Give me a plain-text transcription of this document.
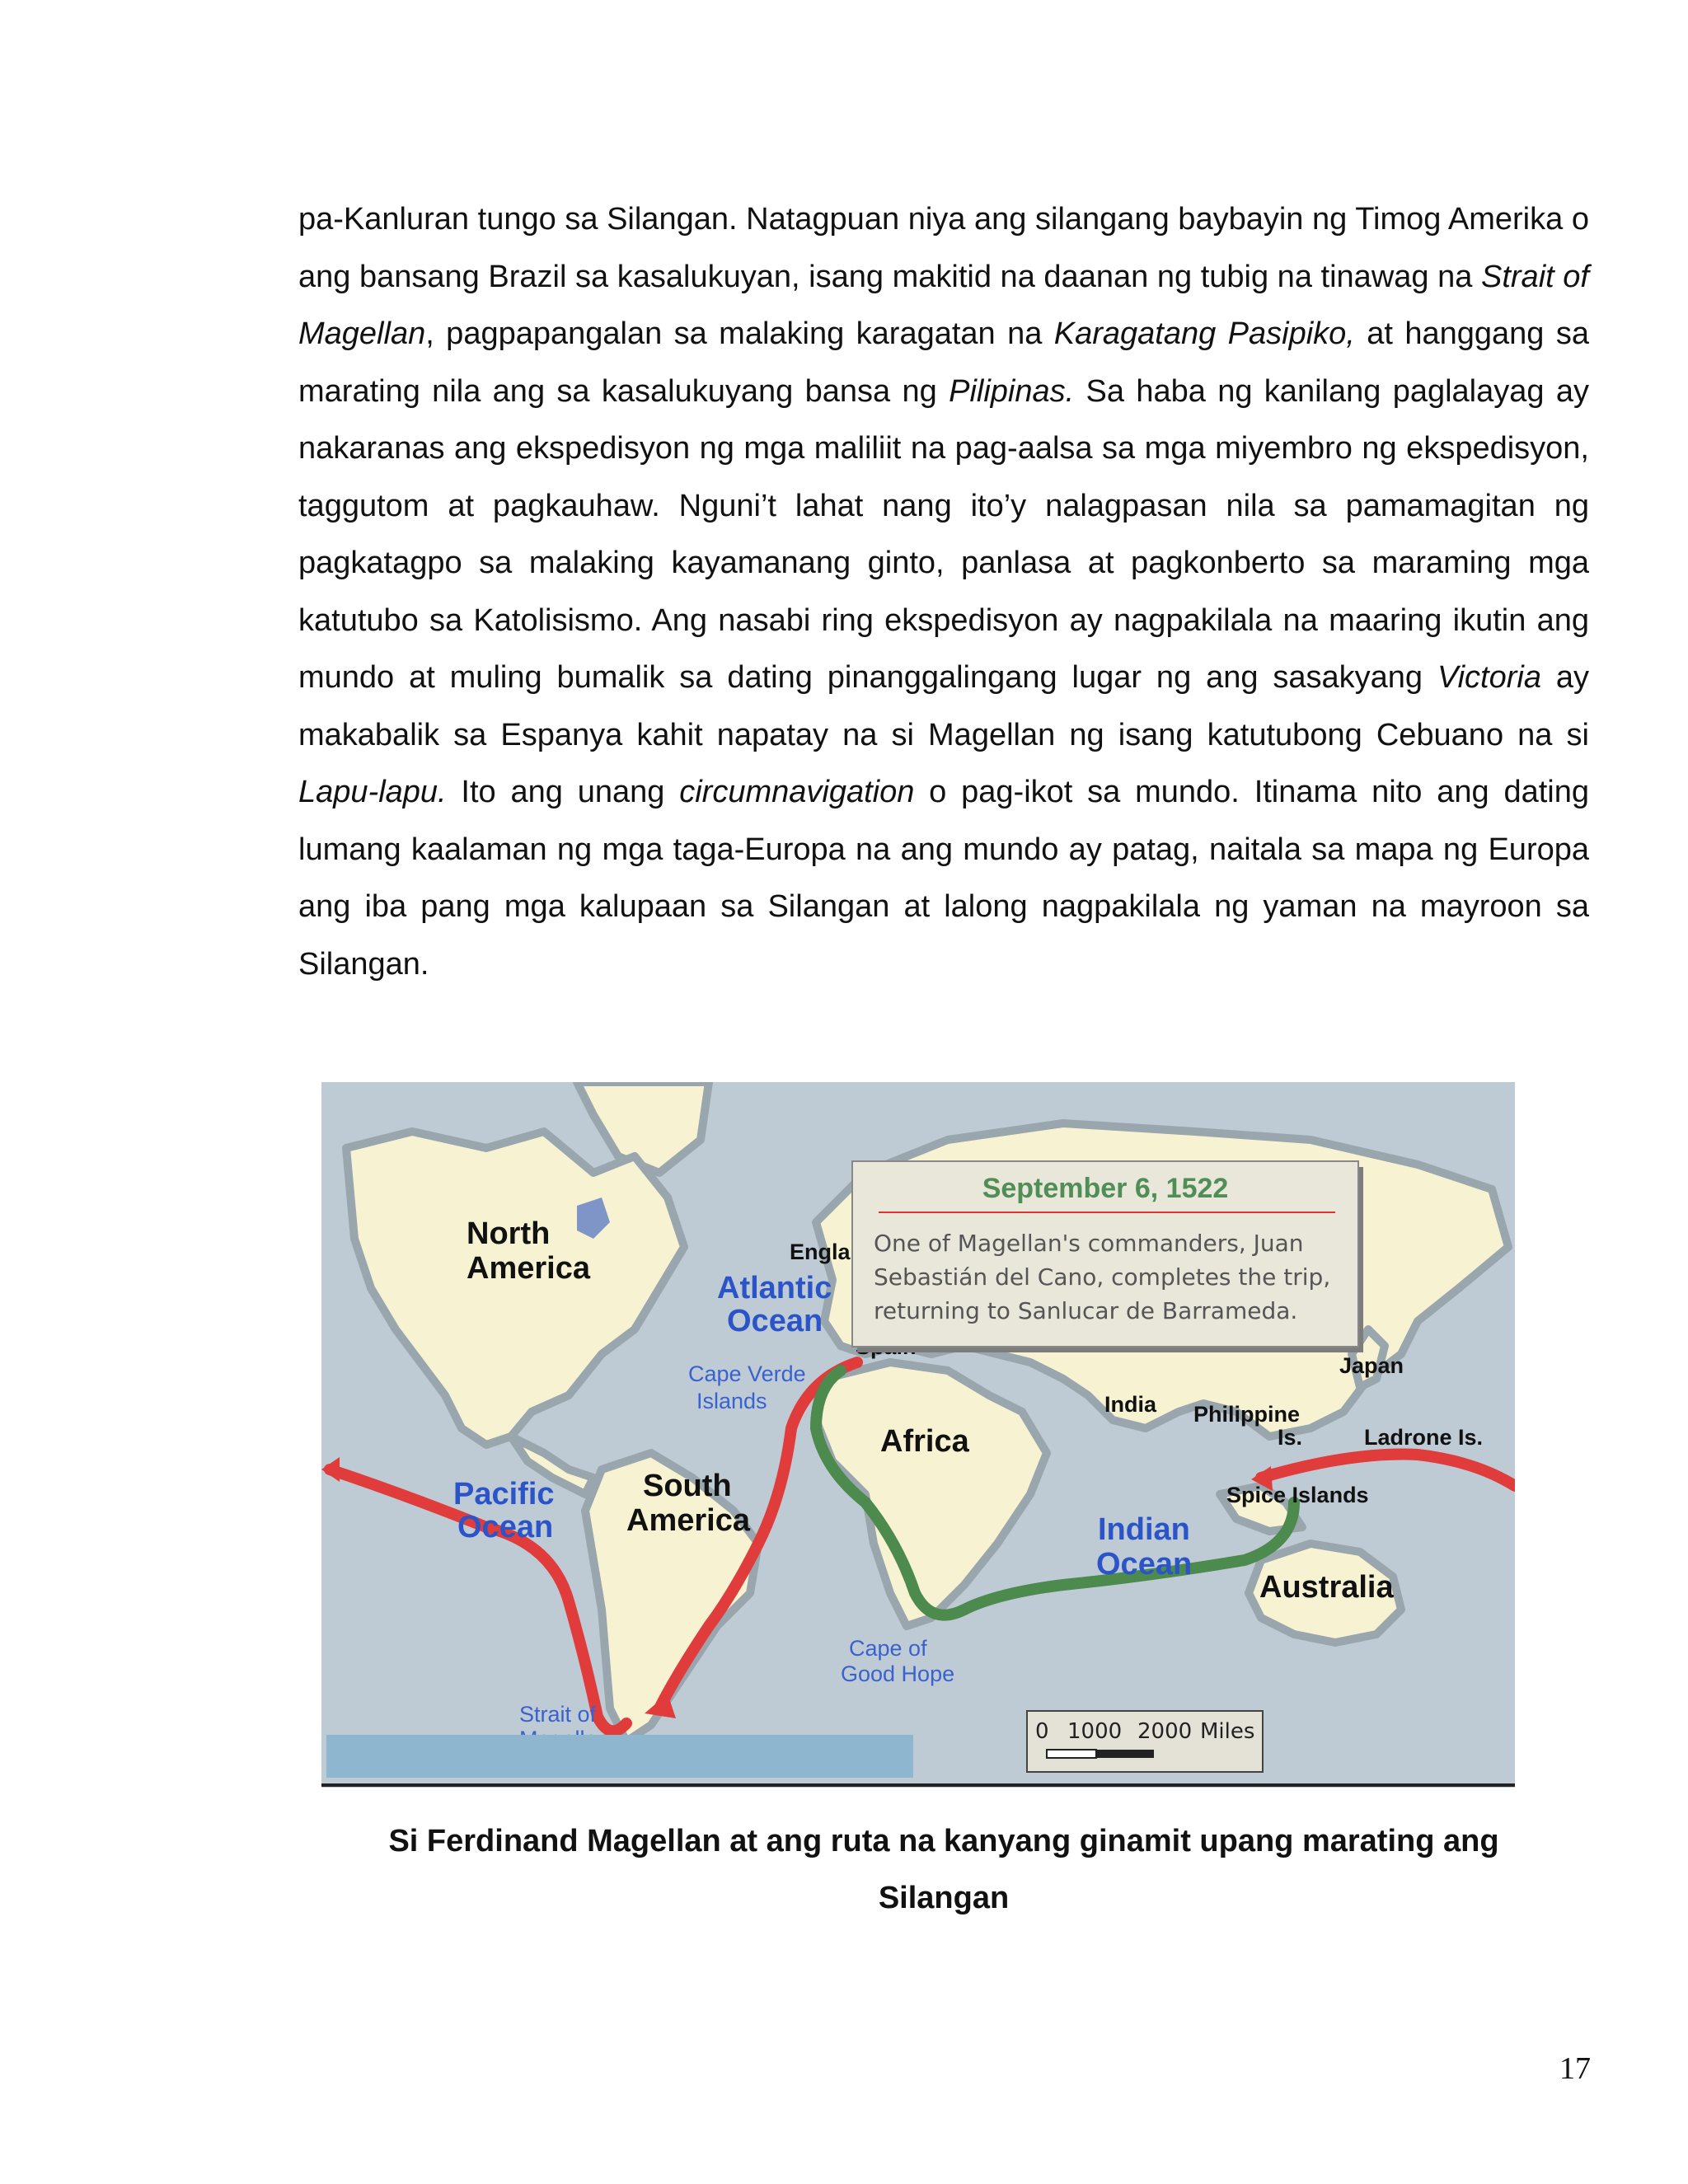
pa-Kanluran tungo sa Silangan. Natagpuan niya ang silangang baybayin ng Timog Amerika o ang bansang Brazil sa kasalukuyan, isang makitid na daanan ng tubig na tinawag na Strait of Magellan, pagpapangalan sa malaking karagatan na Karagatang Pasipiko, at hanggang sa marating nila ang sa kasalukuyang bansa ng Pilipinas. Sa haba ng kanilang paglalayag ay nakaranas ang ekspedisyon ng mga maliliit na pag-aalsa sa mga miyembro ng ekspedisyon, taggutom at pagkauhaw. Nguni’t lahat nang ito’y nalagpasan nila sa pamamagitan ng pagkatagpo sa malaking kayamanang ginto, panlasa at pagkonberto sa maraming mga katutubo sa Katolisismo. Ang nasabi ring ekspedisyon ay nagpakilala na maaring ikutin ang mundo at muling bumalik sa dating pinanggalingang lugar ng ang sasakyang Victoria ay makabalik sa Espanya kahit napatay na si Magellan ng isang katutubong Cebuano na si Lapu-lapu. Ito ang unang circumnavigation o pag-ikot sa mundo. Itinama nito ang dating lumang kaalaman ng mga taga-Europa na ang mundo ay patag, naitala sa mapa ng Europa ang iba pang mga kalupaan sa Silangan at lalong nagpakilala ng yaman na mayroon sa Silangan.

North
America
South
America
Africa
Australia
Atlantic
Ocean
Pacific
Ocean	Indian
Ocean
Engla
Japan
India Philippine
Is.	Ladrone Is.
Spice Islands
Cape Verde
Islands
Cape of
Good Hope
Strait of
September 6, 1522
One of Magellan's commanders, Juan
Sebastián del Cano, completes the trip,
returning to Sanlucar de Barrameda.
0 1000 2000 Miles

Si Ferdinand Magellan at ang ruta na kanyang ginamit upang marating ang Silangan

17
